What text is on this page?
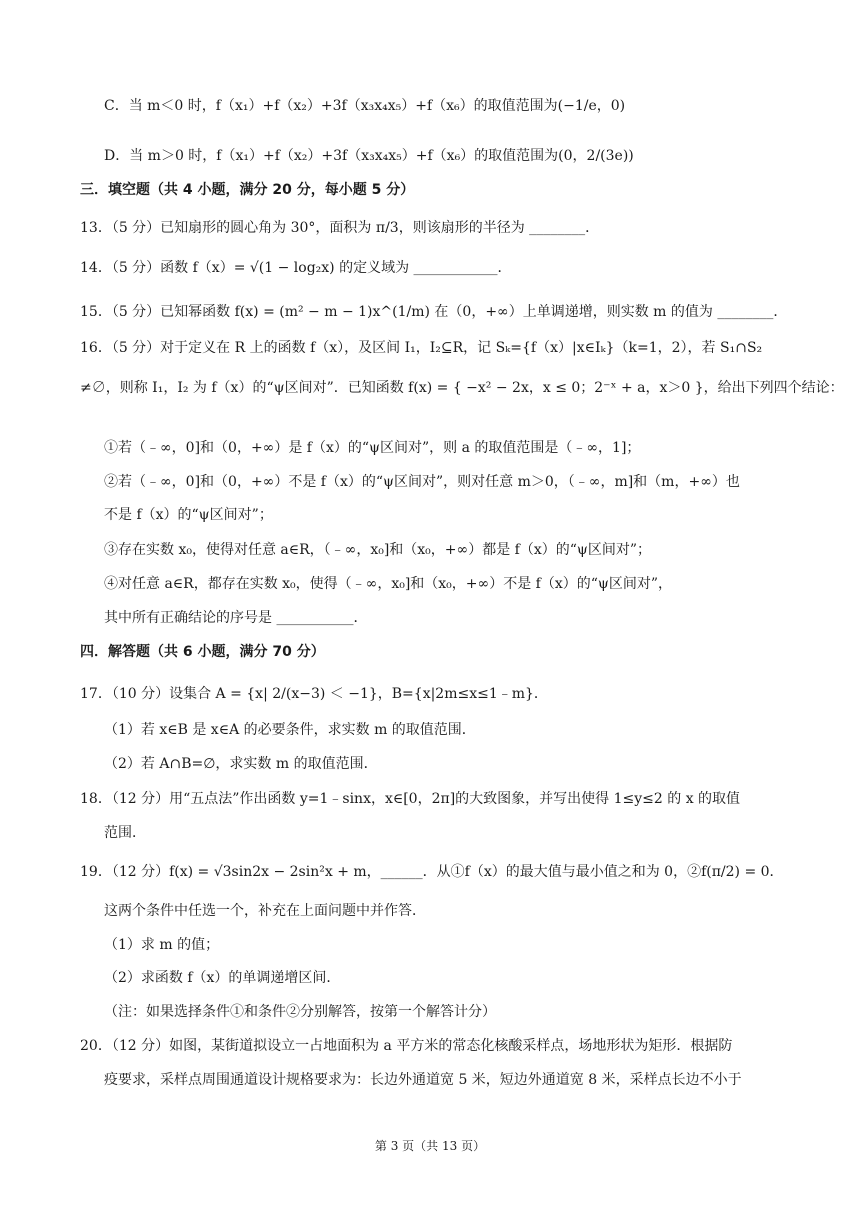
C．当 m＜0 时，f（x₁）+f（x₂）+3f（x₃x₄x₅）+f（x₆）的取值范围为(−1/e，0)
D．当 m＞0 时，f（x₁）+f（x₂）+3f（x₃x₄x₅）+f（x₆）的取值范围为(0，2/(3e))
三．填空题（共 4 小题，满分 20 分，每小题 5 分）
13．（5 分）已知扇形的圆心角为 30°，面积为 π/3，则该扇形的半径为 ________．
14．（5 分）函数 f（x）= √(1 − log₂x) 的定义域为 ____________．
15．（5 分）已知幂函数 f(x) = (m² − m − 1)x^(1/m) 在（0，+∞）上单调递增，则实数 m 的值为 ________．
16．（5 分）对于定义在 R 上的函数 f（x），及区间 I₁，I₂⊆R，记 Sₖ={f（x）|x∈Iₖ}（k=1，2），若 S₁∩S₂
≠∅，则称 I₁，I₂ 为 f（x）的“ψ区间对”．已知函数 f(x) = { −x² − 2x，x ≤ 0；2⁻ˣ + a，x＞0 }，给出下列四个结论：
①若（﹣∞，0]和（0，+∞）是 f（x）的“ψ区间对”，则 a 的取值范围是（﹣∞，1]；
②若（﹣∞，0]和（0，+∞）不是 f（x）的“ψ区间对”，则对任意 m＞0，（﹣∞，m]和（m，+∞）也
不是 f（x）的“ψ区间对”；
③存在实数 x₀，使得对任意 a∈R，（﹣∞，x₀]和（x₀，+∞）都是 f（x）的“ψ区间对”；
④对任意 a∈R，都存在实数 x₀，使得（﹣∞，x₀]和（x₀，+∞）不是 f（x）的“ψ区间对”，
其中所有正确结论的序号是 ___________．
四．解答题（共 6 小题，满分 70 分）
17．（10 分）设集合 A = {x| 2/(x−3) ＜ −1}，B={x|2m≤x≤1﹣m}．
（1）若 x∈B 是 x∈A 的必要条件，求实数 m 的取值范围．
（2）若 A∩B=∅，求实数 m 的取值范围．
18．（12 分）用“五点法”作出函数 y=1﹣sinx，x∈[0，2π]的大致图象，并写出使得 1≤y≤2 的 x 的取值
范围．
19．（12 分）f(x) = √3sin2x − 2sin²x + m，______．从①f（x）的最大值与最小值之和为 0，②f(π/2) = 0．
这两个条件中任选一个，补充在上面问题中并作答．
（1）求 m 的值；
（2）求函数 f（x）的单调递增区间．
（注：如果选择条件①和条件②分别解答，按第一个解答计分）
20．（12 分）如图，某街道拟设立一占地面积为 a 平方米的常态化核酸采样点，场地形状为矩形．根据防
疫要求，采样点周围通道设计规格要求为：长边外通道宽 5 米，短边外通道宽 8 米，采样点长边不小于
第 3 页（共 13 页）
